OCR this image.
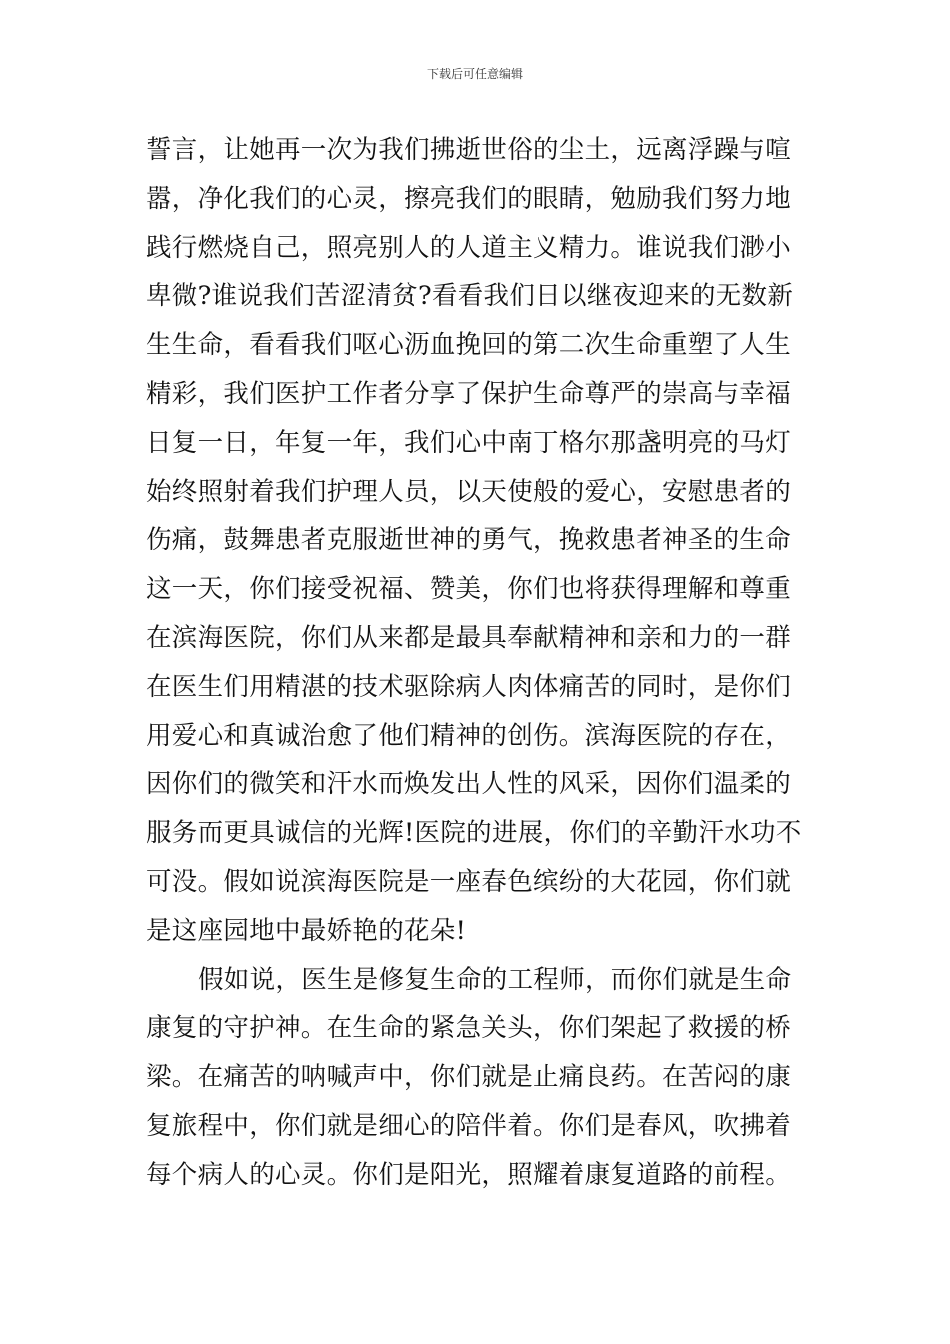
下载后可任意编辑
誓言，让她再一次为我们拂逝世俗的尘土，远离浮躁与喧
嚣，净化我们的心灵，擦亮我们的眼睛，勉励我们努力地
践行燃烧自己，照亮别人的人道主义精力。谁说我们渺小
卑微?谁说我们苦涩清贫?看看我们日以继夜迎来的无数新
生生命，看看我们呕心沥血挽回的第二次生命重塑了人生
精彩，我们医护工作者分享了保护生命尊严的崇高与幸福
日复一日，年复一年，我们心中南丁格尔那盏明亮的马灯
始终照射着我们护理人员，以天使般的爱心，安慰患者的
伤痛，鼓舞患者克服逝世神的勇气，挽救患者神圣的生命
这一天，你们接受祝福、赞美，你们也将获得理解和尊重
在滨海医院，你们从来都是最具奉献精神和亲和力的一群
在医生们用精湛的技术驱除病人肉体痛苦的同时，是你们
用爱心和真诚治愈了他们精神的创伤。滨海医院的存在，
因你们的微笑和汗水而焕发出人性的风采，因你们温柔的
服务而更具诚信的光辉!医院的进展，你们的辛勤汗水功不
可没。假如说滨海医院是一座春色缤纷的大花园，你们就
是这座园地中最娇艳的花朵!
假如说，医生是修复生命的工程师，而你们就是生命
康复的守护神。在生命的紧急关头，你们架起了救援的桥
梁。在痛苦的呐喊声中，你们就是止痛良药。在苦闷的康
复旅程中，你们就是细心的陪伴着。你们是春风，吹拂着
每个病人的心灵。你们是阳光，照耀着康复道路的前程。
